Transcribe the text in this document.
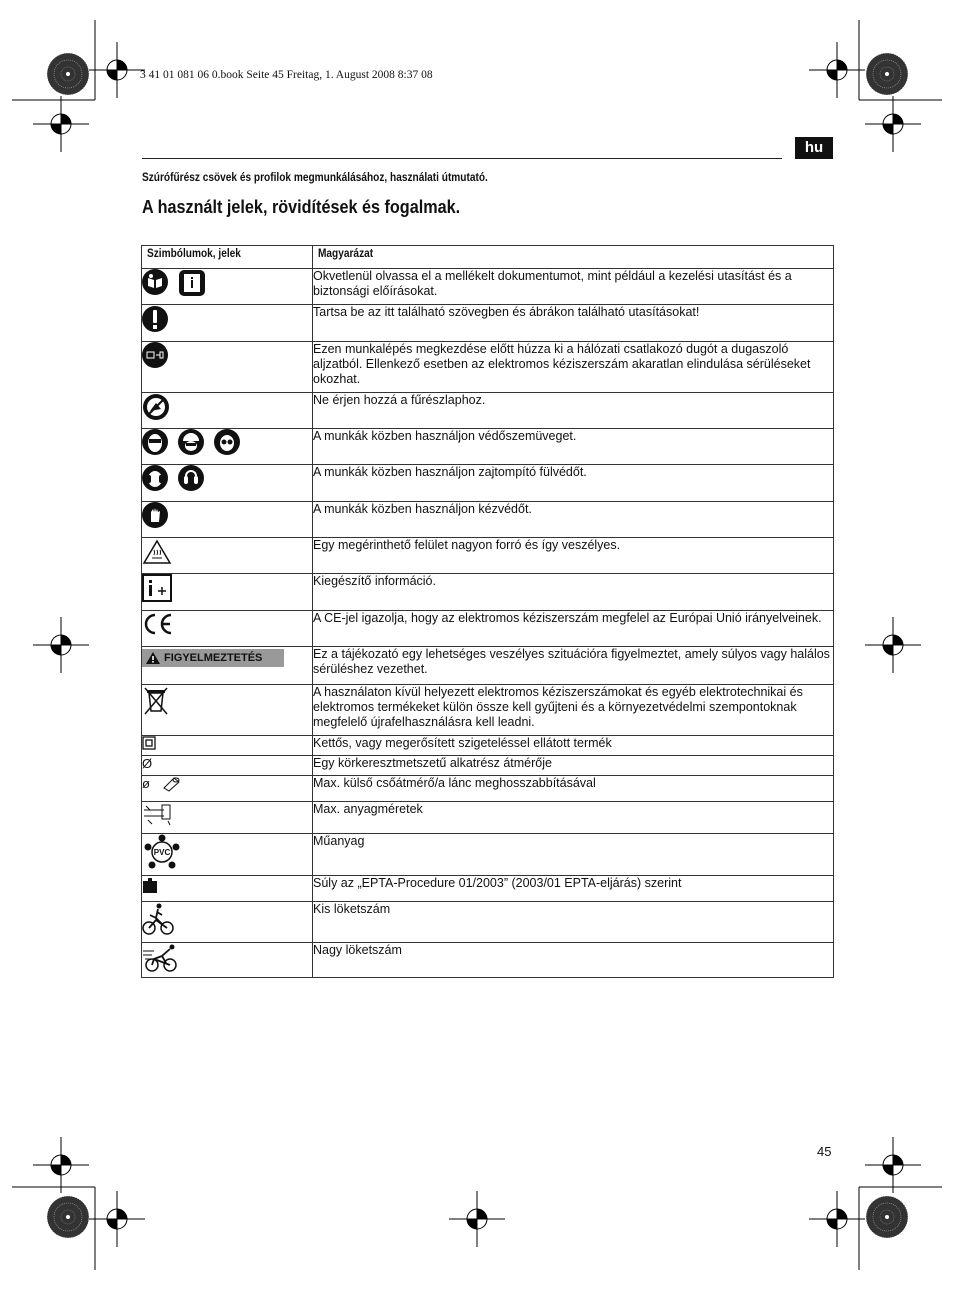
3 41 01 081 06 0.book Seite 45 Freitag, 1. August 2008 8:37 08
hu
Szúrófűrész csövek és profilok megmunkálásához, használati útmutató.
A használt jelek, rövidítések és fogalmak.
Szimbólumok, jelek	Magyarázat
	Okvetlenül olvassa el a mellékelt dokumentumot, mint például a kezelési utasítást és a biztonsági előírásokat.
	Tartsa be az itt található szövegben és ábrákon található utasításokat!
	Ezen munkalépés megkezdése előtt húzza ki a hálózati csatlakozó dugót a dugaszoló aljzatból. Ellenkező esetben az elektromos kéziszerszám akaratlan elindulása sérüléseket okozhat.
	Ne érjen hozzá a fűrészlaphoz.
	A munkák közben használjon védőszemüveget.
	A munkák közben használjon zajtompító fülvédőt.
	A munkák közben használjon kézvédőt.
	Egy megérinthető felület nagyon forró és így veszélyes.
	Kiegészítő információ.
	A CE-jel igazolja, hogy az elektromos kéziszerszám megfelel az Európai Unió irányelveinek.

FIGYELMEZTETÉS	Ez a tájékozató egy lehetséges veszélyes szituációra figyelmeztet, amely súlyos vagy halálos sérüléshez vezethet.
	A használaton kívül helyezett elektromos kéziszerszámokat és egyéb elektrotechnikai és elektromos termékeket külön össze kell gyűjteni és a környezetvédelmi szempontoknak megfelelő újrafelhasználásra kell leadni.
	Kettős, vagy megerősített szigeteléssel ellátott termék
Ø	Egy körkeresztmetszetű alkatrész átmérője
ø	Max. külső csőátmérő/a lánc meghosszabbításával
	Max. anyagméretek

PVC	Műanyag
	Súly az „EPTA-Procedure 01/2003” (2003/01 EPTA-eljárás) szerint
	Kis löketszám
	Nagy löketszám
45
